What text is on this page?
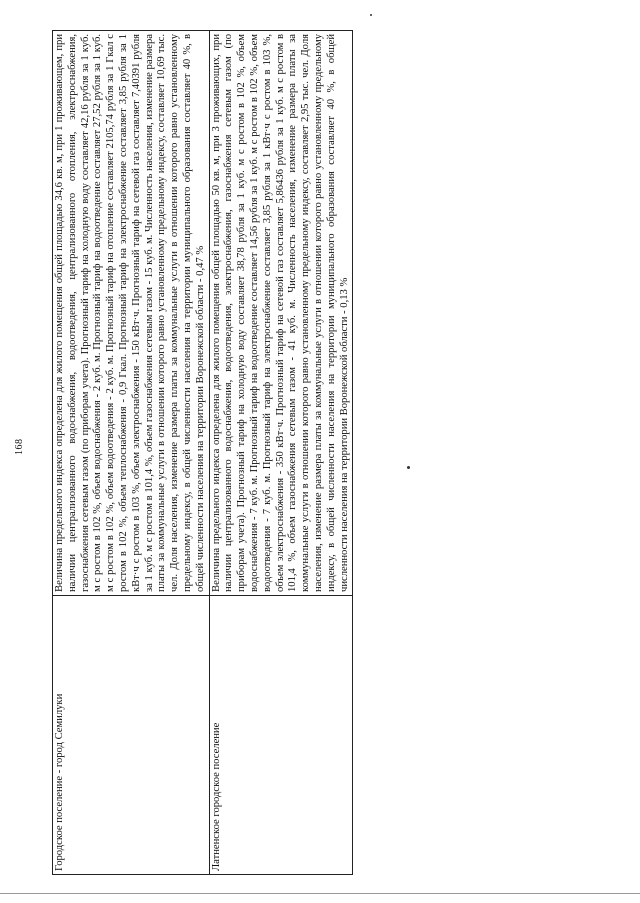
168
Городское поселение - город Семилуки	Величина предельного индекса определена для жилого помещения общей площадью 34,6 кв. м, при 1 проживающем, при наличии централизованного водоснабжения, водоотведения, централизованного отопления, электроснабжения, газоснабжения сетевым газом (по приборам учета). Прогнозный тариф на холодную воду составляет 42,16 рубля за 1 куб. м с ростом в 102 %, объем водоснабжения - 2 куб. м. Прогнозный тариф на водоотведение составляет 27,52 рубля за 1 куб. м с ростом в 102 %, объем водоотведения - 2 куб. м. Прогнозный тариф на отопление составляет 2105,74 рубля за 1 Гкал с ростом в 102 %, объем теплоснабжения - 0,9 Гкал. Прогнозный тариф на электроснабжение составляет 3,85 рубля за 1 кВт·ч с ростом в 103 %, объем электроснабжения - 150 кВт·ч. Прогнозный тариф на сетевой газ составляет 7,40391 рубля за 1 куб. м с ростом в 101,4 %, объем газоснабжения сетевым газом - 15 куб. м. Численность населения, изменение размера платы за коммунальные услуги в отношении которого равно установленному предельному индексу, составляет 10,69 тыс. чел. Доля населения, изменение размера платы за коммунальные услуги в отношении которого равно установленному предельному индексу, в общей численности населения на территории муниципального образования составляет 40 %, в общей численности населения на территории Воронежской области - 0,47 %
Латненское городское поселение	Величина предельного индекса определена для жилого помещения общей площадью 50 кв. м, при 3 проживающих, при наличии централизованного водоснабжения, водоотведения, электроснабжения, газоснабжения сетевым газом (по приборам учета). Прогнозный тариф на холодную воду составляет 38,78 рубля за 1 куб. м с ростом в 102 %, объем водоснабжения - 7 куб. м. Прогнозный тариф на водоотведение составляет 14,56 рубля за 1 куб. м с ростом в 102 %, объем водоотведения - 7 куб. м. Прогнозный тариф на электроснабжение составляет 3,85 рубля за 1 кВт·ч с ростом в 103 %, объем электроснабжения - 350 кВт·ч. Прогнозный тариф на сетевой газ составляет 5,86436 рубля за 1 куб. м с ростом в 101,4 %, объем газоснабжения сетевым газом - 41 куб. м. Численность населения, изменение размера платы за коммунальные услуги в отношении которого равно установленному предельному индексу, составляет 2,95 тыс. чел. Доля населения, изменение размера платы за коммунальные услуги в отношении которого равно установленному предельному индексу, в общей численности населения на территории муниципального образования составляет 40 %, в общей численности населения на территории Воронежской области - 0,13 %
